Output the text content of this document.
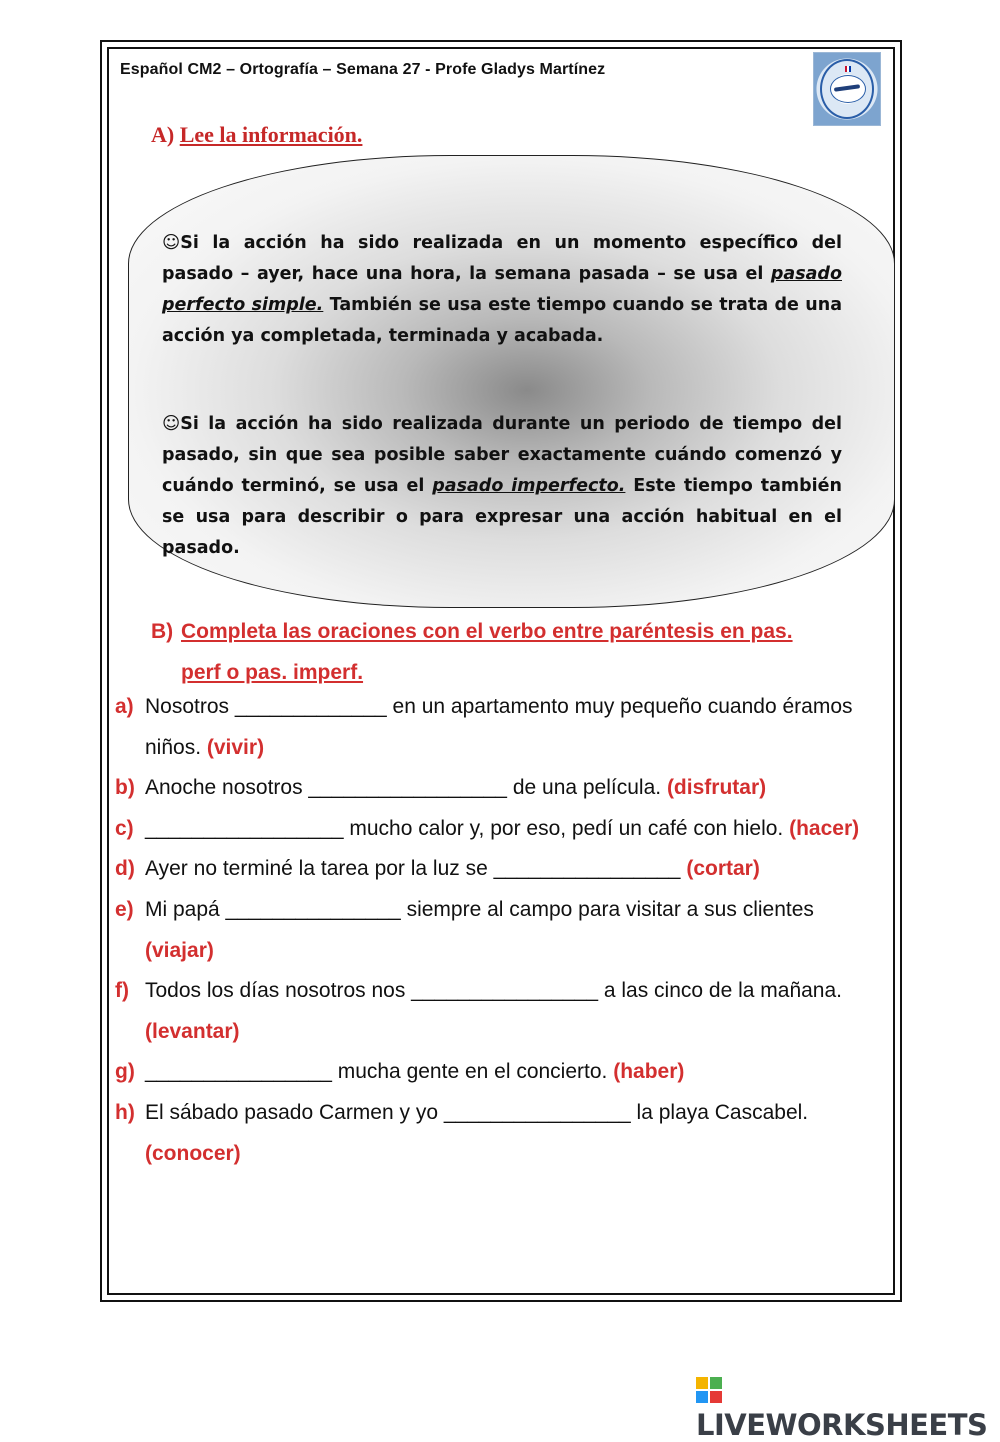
Español CM2 – Ortografía – Semana 27 - Profe Gladys Martínez
A) Lee la información.
☺Si la acción ha sido realizada en un momento específico del pasado – ayer, hace una hora, la semana pasada – se usa el pasado perfecto simple. También se usa este tiempo cuando se trata de una acción ya completada, terminada y acabada.
☺Si la acción ha sido realizada durante un periodo de tiempo del pasado, sin que sea posible saber exactamente cuándo comenzó y cuándo terminó, se usa el pasado imperfecto. Este tiempo también se usa para describir o para expresar una acción habitual en el pasado.
B) Completa las oraciones con el verbo entre paréntesis en pas.
perf o pas. imperf.
a) Nosotros _____________ en un apartamento muy pequeño cuando éramos niños. (vivir)
b) Anoche nosotros _________________ de una película. (disfrutar)
c) _________________ mucho calor y, por eso, pedí un café con hielo. (hacer)
d) Ayer no terminé la tarea por la luz se ________________ (cortar)
e) Mi papá _______________ siempre al campo para visitar a sus clientes (viajar)
f) Todos los días nosotros nos ________________ a las cinco de la mañana. (levantar)
g) ________________ mucha gente en el concierto. (haber)
h) El sábado pasado Carmen y yo ________________ la playa Cascabel. (conocer)
LIVEWORKSHEETS
